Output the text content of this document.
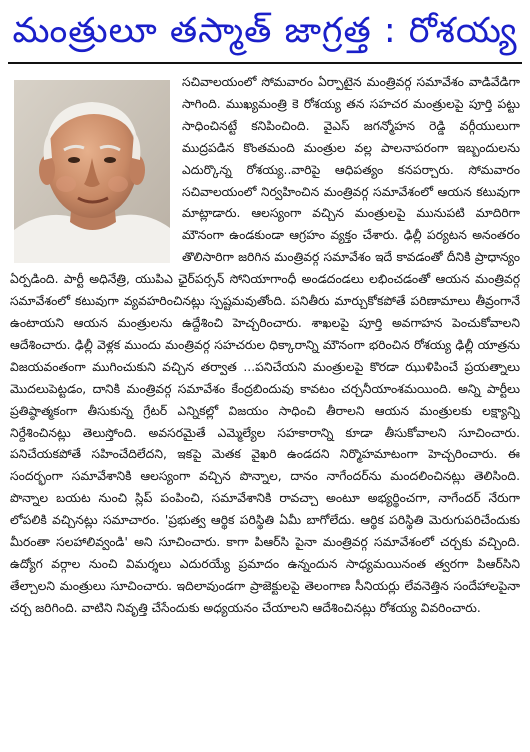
మంత్రులూ తస్మాత్ జాగ్రత్త : రోశయ్య

సచివాలయంలో సోమవారం ఏర్పాటైన మంత్రివర్గ సమావేశం వాడివేడిగా సాగింది. ముఖ్యమంత్రి కె రోశయ్య తన సహచర మంత్రులపై పూర్తి పట్టు సాధించినట్టే కనిపించింది. వైఎస్ జగన్మోహన రెడ్డి వర్గీయులుగా ముద్రపడిన కొంతమంది మంత్రుల వల్ల పాలనాపరంగా ఇబ్బందులను ఎదుర్కొన్న రోశయ్య..వారిపై ఆధిపత్యం కనపర్చారు. సోమవారం సచివాలయంలో నిర్వహించిన మంత్రివర్గ సమావేశంలో ఆయన కటువుగా మాట్లాడారు. ఆలస్యంగా వచ్చిన మంత్రులపై మునుపటి మాదిరిగా మౌనంగా ఉండకుండా ఆగ్రహం వ్యక్తం చేశారు. ఢిల్లీ పర్యటన అనంతరం తొలిసారిగా జరిగిన మంత్రివర్గ సమావేశం ఇదే కావడంతో దీనికి ప్రాధాన్యం ఏర్పడింది. పార్టీ అధినేత్రి, యుపిఎ ఛైర్‌పర్సన్ సోనియాగాంధీ అండదండలు లభించడంతో ఆయన మంత్రివర్గ సమావేశంలో కటువుగా వ్యవహరించినట్లు స్పష్టమవుతోంది. పనితీరు మార్చుకోకపోతే పరిణామాలు తీవ్రంగానే ఉంటాయని ఆయన మంత్రులను ఉద్దేశించి హెచ్చరించారు. శాఖలపై పూర్తి అవగాహన పెంచుకోవాలని ఆదేశించారు. ఢిల్లీ వెళ్లక ముందు మంత్రివర్గ సహచరుల ధిక్కారాన్ని మౌనంగా భరించిన రోశయ్య ఢిల్లీ యాత్రను విజయవంతంగా ముగించుకుని వచ్చిన తర్వాత ...పనిచేయని మంత్రులపై కొరడా ఝుళిపించే ప్రయత్నాలు మొదలుపెట్టడం, దానికి మంత్రివర్గ సమావేశం కేంద్రబిందువు కావటం చర్చనీయాంశమయింది. అన్ని పార్టీలు ప్రతిష్ఠాత్మకంగా తీసుకున్న గ్రేటర్ ఎన్నికల్లో విజయం సాధించి తీరాలని ఆయన మంత్రులకు లక్ష్యాన్ని నిర్దేశించినట్లు తెలుస్తోంది. అవసరమైతే ఎమ్మెల్యేల సహకారాన్ని కూడా తీసుకోవాలని సూచించారు. పనిచేయకపోతే సహించేదిలేదని, ఇకపై మెతక వైఖరి ఉండదని నిర్మొహమాటంగా హెచ్చరించారు. ఈ సందర్భంగా సమావేశానికి ఆలస్యంగా వచ్చిన పొన్నాల, దానం నాగేందర్‌ను మందలించినట్లు తెలిసింది. పొన్నాల బయట నుంచి స్లిప్ పంపించి, సమావేశానికి రావచ్చా అంటూ అభ్యర్థించగా, నాగేందర్ నేరుగా లోపలికి వచ్చినట్లు సమాచారం. 'ప్రభుత్వ ఆర్థిక పరిస్థితి ఏమీ బాగోలేదు. ఆర్థిక పరిస్థితి మెరుగుపరిచేందుకు మీరంతా సలహాలివ్వండి' అని సూచించారు. కాగా పిఆర్‌సి పైనా మంత్రివర్గ సమావేశంలో చర్చకు వచ్చింది. ఉద్యోగ వర్గాల నుంచి విమర్శలు ఎదురయ్యే ప్రమాదం ఉన్నందున సాధ్యమయినంత త్వరగా పిఆర్‌సిని తేల్చాలని మంత్రులు సూచించారు. ఇదిలావుండగా ప్రాజెక్టులపై తెలంగాణ సీనియర్లు లేవనెత్తిన సందేహాలపైనా చర్చ జరిగింది. వాటిని నివృత్తి చేసేందుకు అధ్యయనం చేయాలని ఆదేశించినట్లు రోశయ్య వివరించారు.
